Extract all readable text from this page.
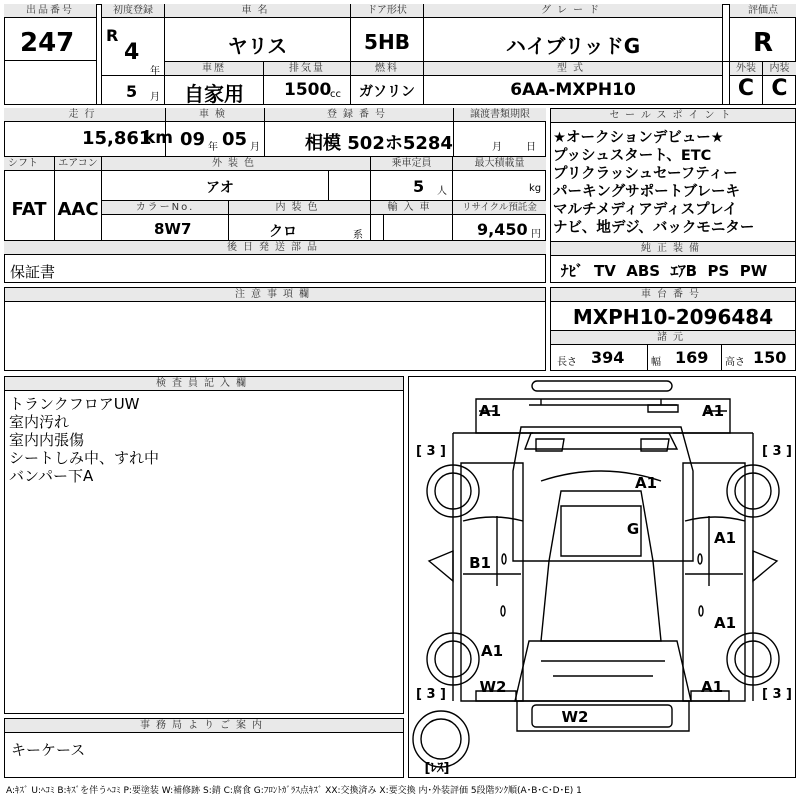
出品番号
247
初度登録
R
4
年
5 月
車名
ヤリス
ドア形状
5HB
グレード
ハイブリッドG
評価点
R
車歴
自家用
排気量
1500
cc
燃料
ガソリン
型式
6AA-MXPH10
外装
C
内装
C
走行
15,861
km
車検
09 年 05 月
登録番号
相模 502ホ5284
譲渡書類期限
月 日
シフト
FAT
エアコン
AAC
外装色
アオ
乗車定員
5 人
最大積載量
kg
カラーNo.
8W7
内装色
クロ	系
輸入車	リサイクル預託金
9,450 円
後日発送部品
保証書
セールスポイント
★オークションデビュー★
プッシュスタート、ETC
プリクラッシュセーフティー
パーキングサポートブレーキ
マルチメディアディスプレイ
ナビ、地デジ、バックモニター
純正装備
ﾅﾋﾞ TV ABS ｴｱB PS PW
注意事項欄	車台番号
MXPH10-2096484
諸元
長さ 394	幅 169 高さ 150
検査員記入欄
トランクフロアUW
室内汚れ
室内内張傷
シートしみ中、すれ中
バンパー下A
事務局よりご案内
キーケース
A1	A1
A1
G	A1
B1
A1
A1
W2	A1
W2
[ 3 ]	[ 3 ]
[ 3 ]	[ 3 ]
[ﾚｽ]
A:ｷｽﾞ U:ﾍｺﾐ B:ｷｽﾞを伴うﾍｺﾐ P:要塗装 W:補修跡 S:錆 C:腐食 G:ﾌﾛﾝﾄｶﾞﾗｽ点ｷｽﾞ XX:交換済み X:要交換 内･外装評価 5段階ﾗﾝｸ順(A･B･C･D･E) 1
